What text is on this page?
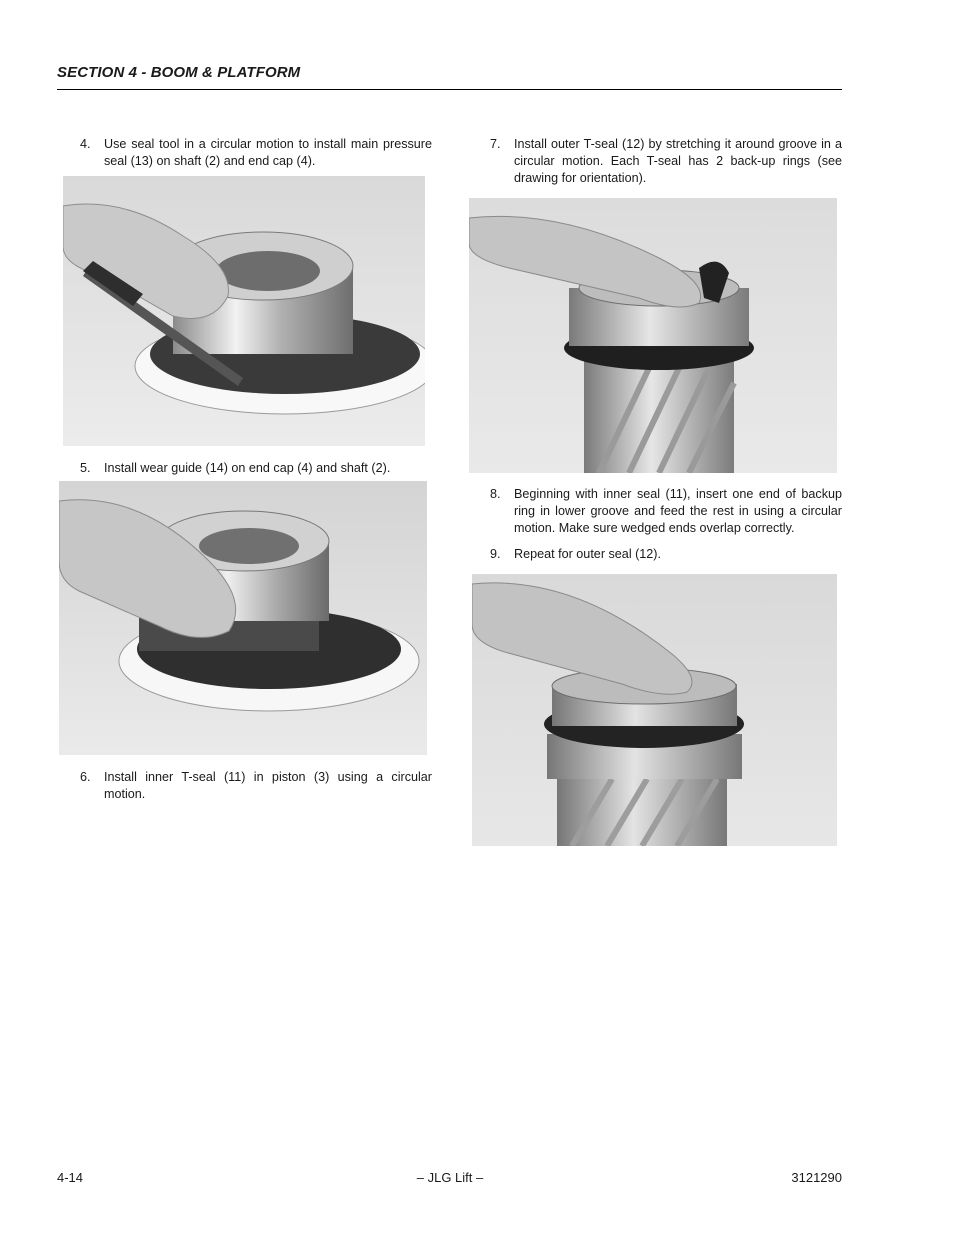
SECTION 4 - BOOM & PLATFORM
4. Use seal tool in a circular motion to install main pressure seal (13) on shaft (2) and end cap (4).
5. Install wear guide (14) on end cap (4) and shaft (2).
6. Install inner T-seal (11) in piston (3) using a circular motion.
7. Install outer T-seal (12) by stretching it around groove in a circular motion. Each T-seal has 2 back-up rings (see drawing for orientation).
8. Beginning with inner seal (11), insert one end of backup ring in lower groove and feed the rest in using a circular motion. Make sure wedged ends overlap correctly.
9. Repeat for outer seal (12).
4-14	– JLG Lift –	3121290
